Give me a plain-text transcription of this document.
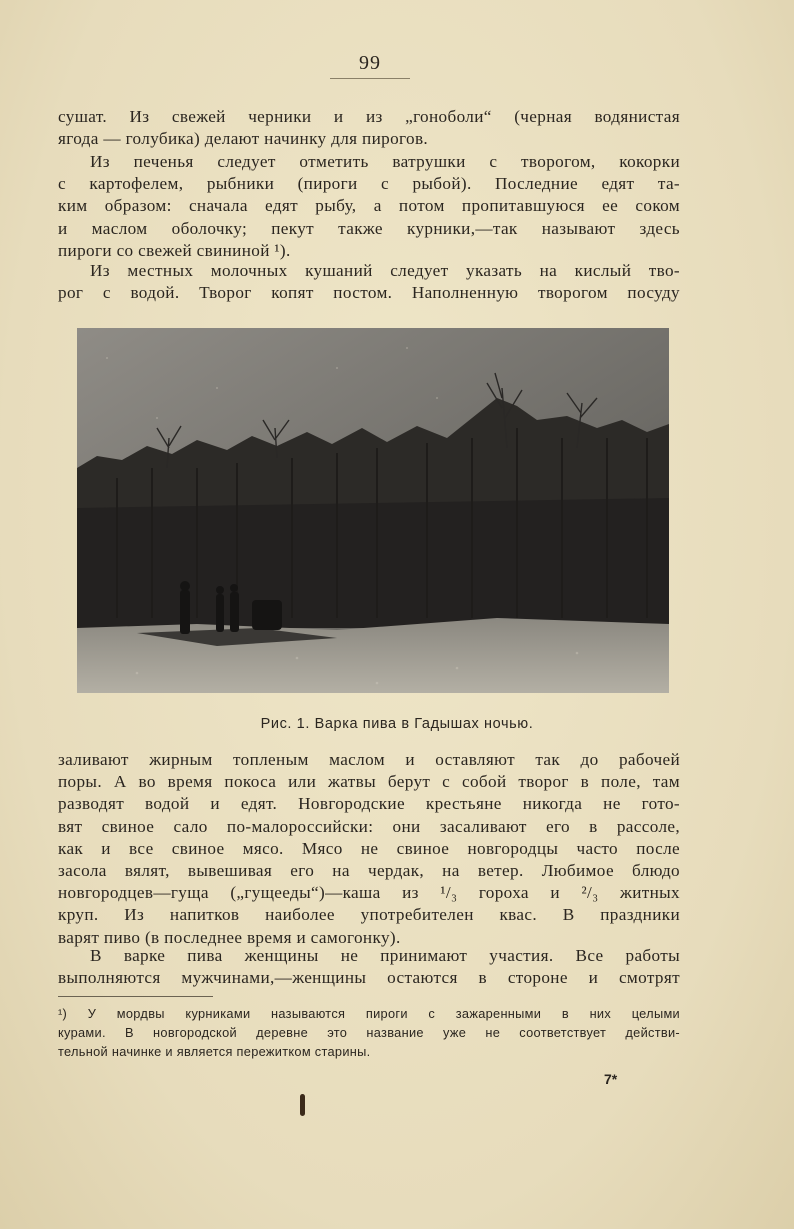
99

сушат. Из свежей черники и из „гоноболи“ (черная водянистая
ягода — голубика) делают начинку для пирогов.

Из печенья следует отметить ватрушки с творогом, кокорки
с картофелем, рыбники (пироги с рыбой). Последние едят та-
ким образом: сначала едят рыбу, а потом пропитавшуюся ее соком
и маслом оболочку; пекут также курники,—так называют здесь
пироги со свежей свининой ¹).

Из местных молочных кушаний следует указать на кислый тво-
рог с водой. Творог копят постом. Наполненную творогом посуду

Рис. 1. Варка пива в Гадышах ночью.

заливают жирным топленым маслом и оставляют так до рабочей
поры. А во время покоса или жатвы берут с собой творог в поле, там
разводят водой и едят. Новгородские крестьяне никогда не гото-
вят свиное сало по-малороссийски: они засаливают его в рассоле,
как и все свиное мясо. Мясо не свиное новгородцы часто после
засола вялят, вывешивая его на чердак, на ветер. Любимое блюдо
новгородцев—гуща („гущееды“)—каша из ¹/₃ гороха и ²/₃ житных
круп. Из напитков наиболее употребителен квас. В праздники
варят пиво (в последнее время и самогонку).

В варке пива женщины не принимают участия. Все работы
выполняются мужчинами,—женщины остаются в стороне и смотрят

¹) У мордвы курниками называются пироги с зажаренными в них целыми
курами. В новгородской деревне это название уже не соответствует действи-
тельной начинке и является пережитком старины.
7*
